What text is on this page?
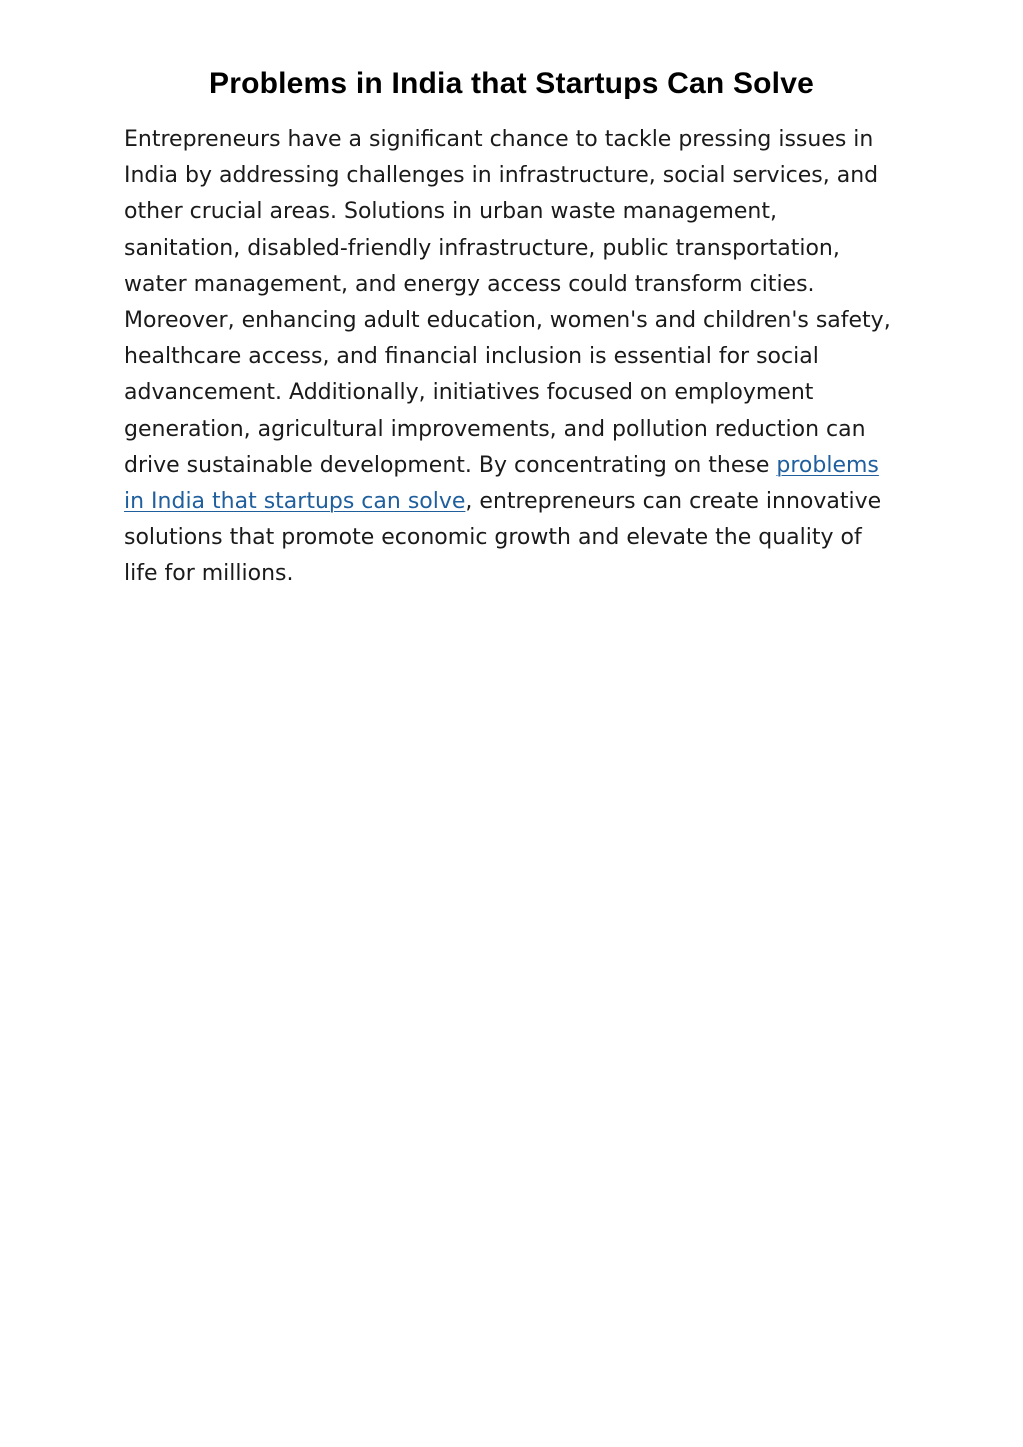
Problems in India that Startups Can Solve

Entrepreneurs have a significant chance to tackle pressing issues in India by addressing challenges in infrastructure, social services, and other crucial areas. Solutions in urban waste management, sanitation, disabled-friendly infrastructure, public transportation, water management, and energy access could transform cities. Moreover, enhancing adult education, women's and children's safety, healthcare access, and financial inclusion is essential for social advancement. Additionally, initiatives focused on employment generation, agricultural improvements, and pollution reduction can drive sustainable development. By concentrating on these problems in India that startups can solve, entrepreneurs can create innovative solutions that promote economic growth and elevate the quality of life for millions.
